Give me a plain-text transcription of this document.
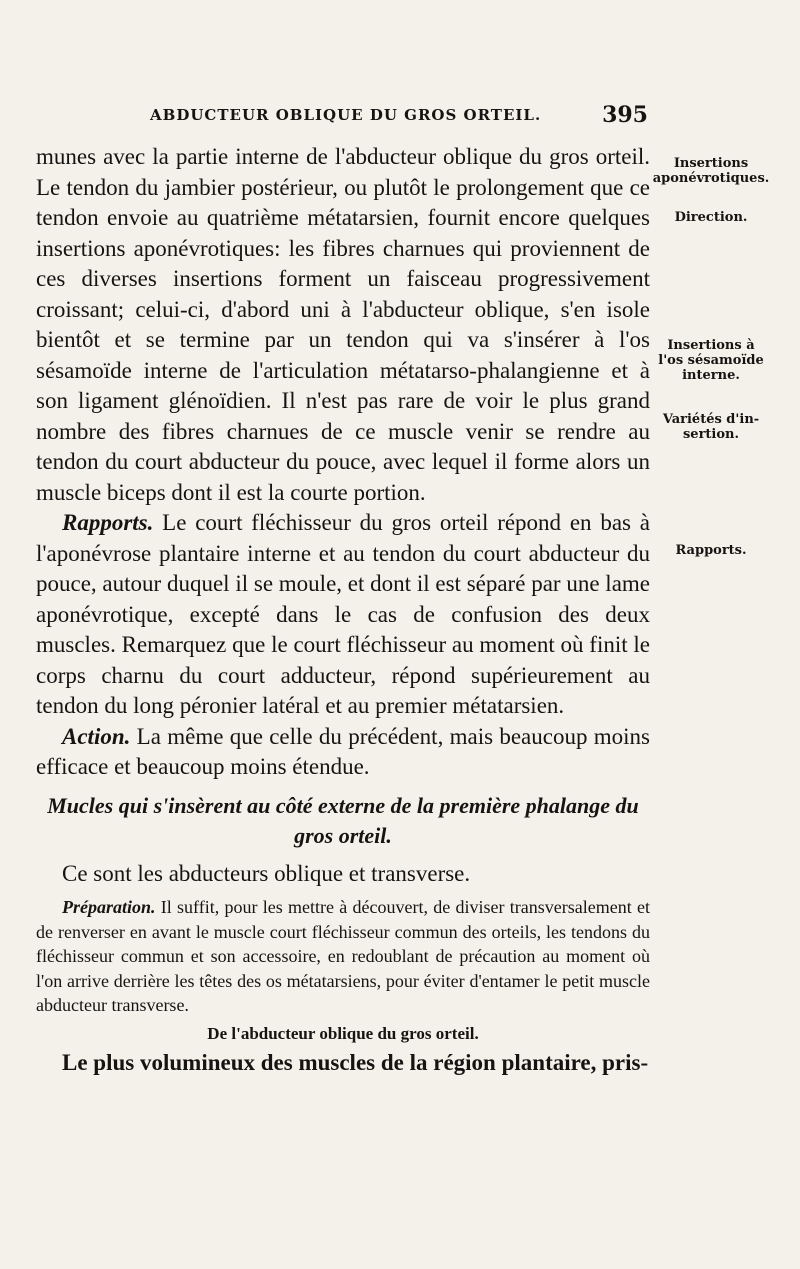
ABDUCTEUR OBLIQUE DU GROS ORTEIL.	395
Insertions
aponévrotiques.
Direction.
Insertions à
l'os sésamoïde
interne.
Variétés d'in-
sertion.
Rapports.

munes avec la partie interne de l'abducteur oblique du gros orteil. Le tendon du jambier postérieur, ou plutôt le prolongement que ce tendon envoie au quatrième métatarsien, fournit encore quelques insertions aponévrotiques: les fibres charnues qui proviennent de ces diverses insertions forment un faisceau progressivement croissant; celui-ci, d'abord uni à l'abducteur oblique, s'en isole bientôt et se termine par un tendon qui va s'insérer à l'os sésamoïde interne de l'articulation métatarso-phalangienne et à son ligament glénoïdien. Il n'est pas rare de voir le plus grand nombre des fibres charnues de ce muscle venir se rendre au tendon du court abducteur du pouce, avec lequel il forme alors un muscle biceps dont il est la courte portion.

Rapports. Le court fléchisseur du gros orteil répond en bas à l'aponévrose plantaire interne et au tendon du court abducteur du pouce, autour duquel il se moule, et dont il est séparé par une lame aponévrotique, excepté dans le cas de confusion des deux muscles. Remarquez que le court fléchisseur au moment où finit le corps charnu du court adducteur, répond supérieurement au tendon du long péronier latéral et au premier métatarsien.

Action. La même que celle du précédent, mais beaucoup moins efficace et beaucoup moins étendue.

Mucles qui s'insèrent au côté externe de la première phalange du gros orteil.

Ce sont les abducteurs oblique et transverse.

Préparation. Il suffit, pour les mettre à découvert, de diviser transversalement et de renverser en avant le muscle court fléchisseur commun des orteils, les tendons du fléchisseur commun et son accessoire, en redoublant de précaution au moment où l'on arrive derrière les têtes des os métatarsiens, pour éviter d'entamer le petit muscle abducteur transverse.

De l'abducteur oblique du gros orteil.

Le plus volumineux des muscles de la région plantaire, pris-
